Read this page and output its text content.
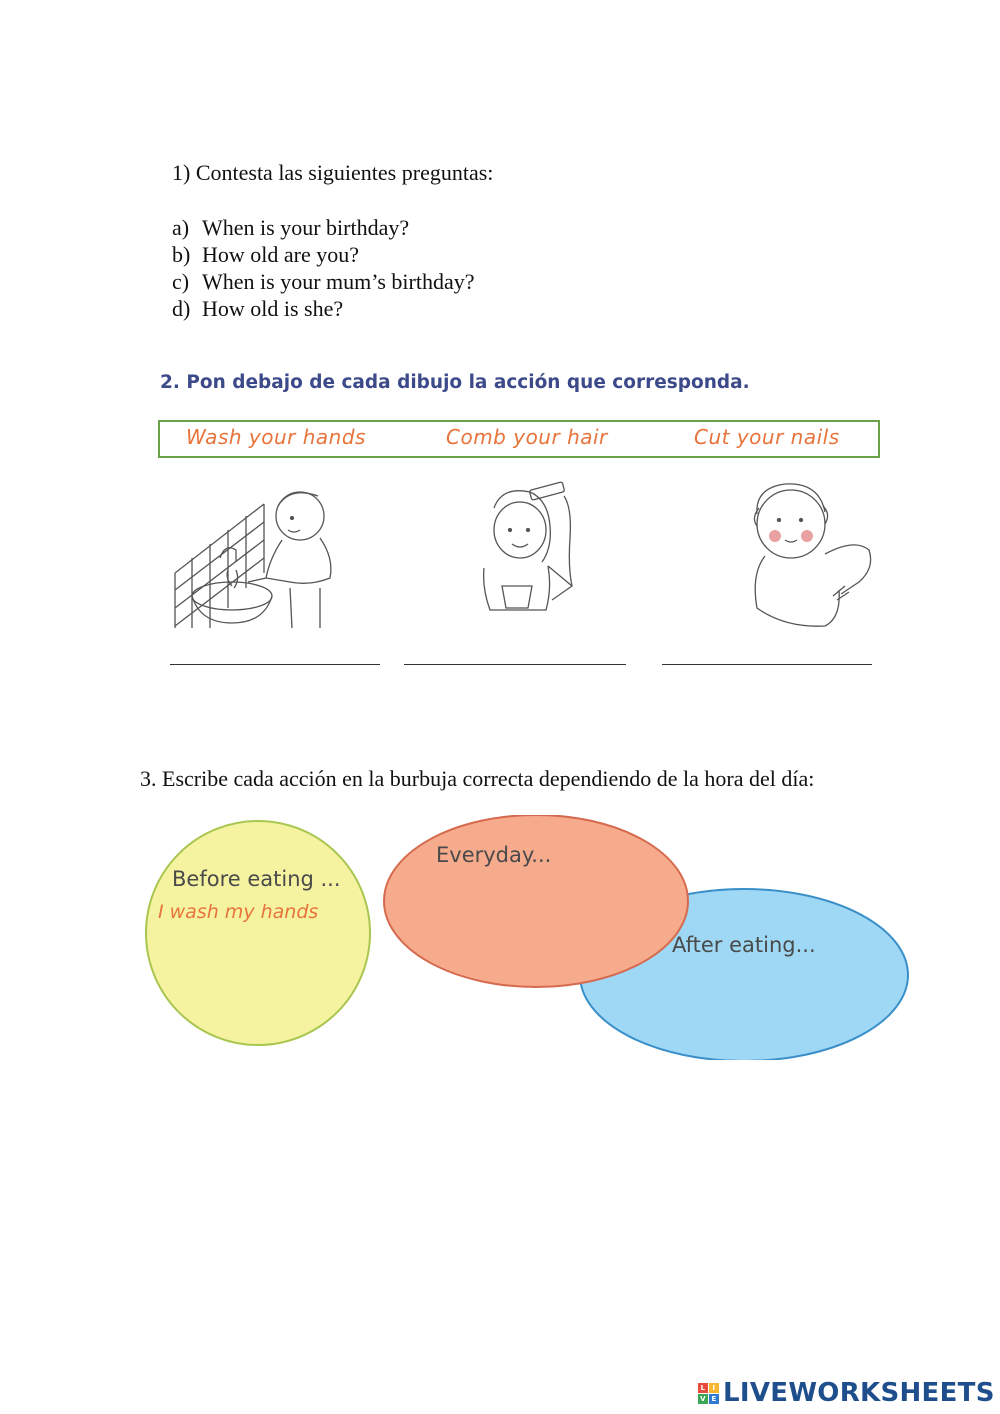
1) Contesta las siguientes preguntas:
a) When is your birthday?
b) How old are you?
c) When is your mum’s birthday?
d) How old is she?
2. Pon debajo de cada dibujo la acción que corresponda.
Wash your hands	Comb your hair	Cut your nails
3. Escribe cada acción en la burbuja correcta dependiendo de la hora del día:
Before eating ...
I wash my hands
Everyday...
After eating...
L	I
V E LIVEWORKSHEETS
